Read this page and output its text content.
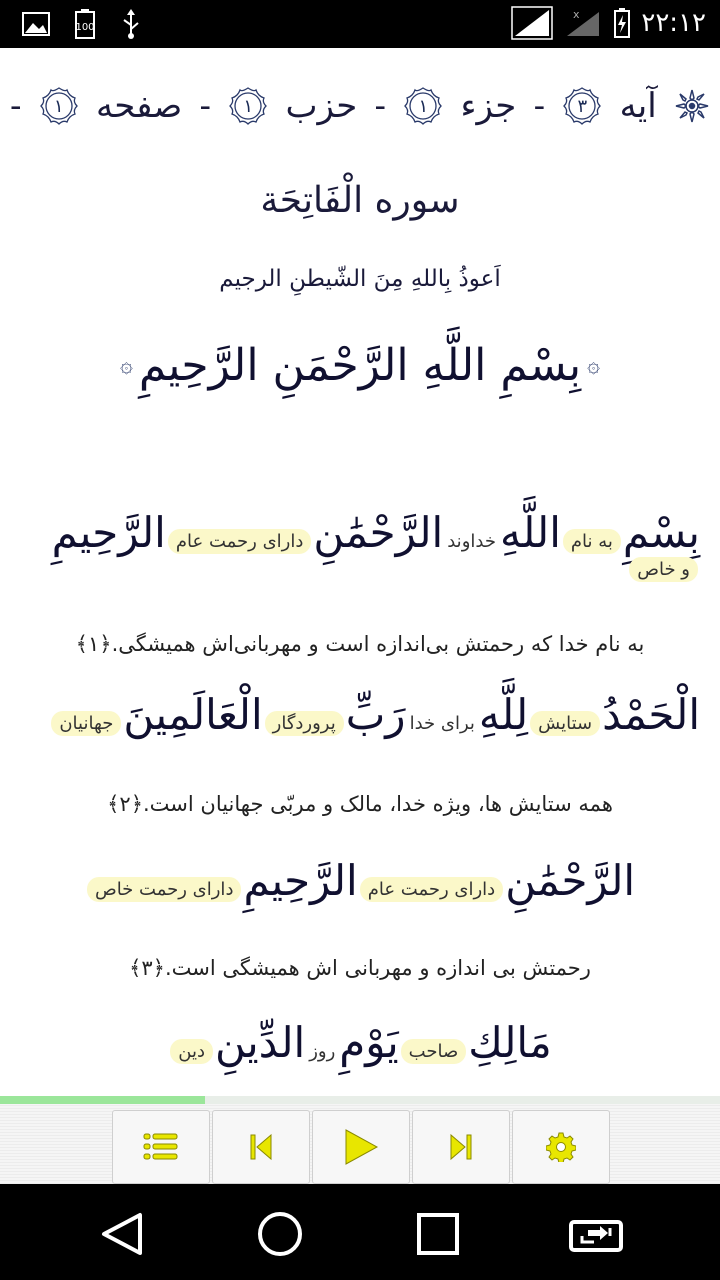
100
x ۲۲:۱۲
آیه
۳
-
جزء
۱
-
حزب
۱
-
صفحه
۱
-
سوره الْفَاتِحَة
اَعوذُ بِاللهِ مِنَ الشّیطنِ الرجیم
۞ بِسْمِ اللَّهِ الرَّحْمَنِ الرَّحِيمِ ۞
بِسْمِ
به نام
اللَّهِ
خداوند
الرَّحْمَٰنِ
دارای رحمت عام
الرَّحِيمِ
و خاص
به نام خدا که رحمتش بی‌اندازه است و مهربانی‌اش همیشگی.﴿۱﴾
الْحَمْدُ
ستایش
لِلَّهِ
برای خدا
رَبِّ
پروردگار
الْعَالَمِينَ
جهانیان
همه ستایش ها، ویژه خدا، مالک و مربّی جهانیان است.﴿۲﴾
الرَّحْمَٰنِ
دارای رحمت عام
الرَّحِيمِ
دارای رحمت خاص
رحمتش بی اندازه و مهربانی اش همیشگی است.﴿۳﴾
مَالِكِ
صاحب
يَوْمِ
روز
الدِّينِ
دین
